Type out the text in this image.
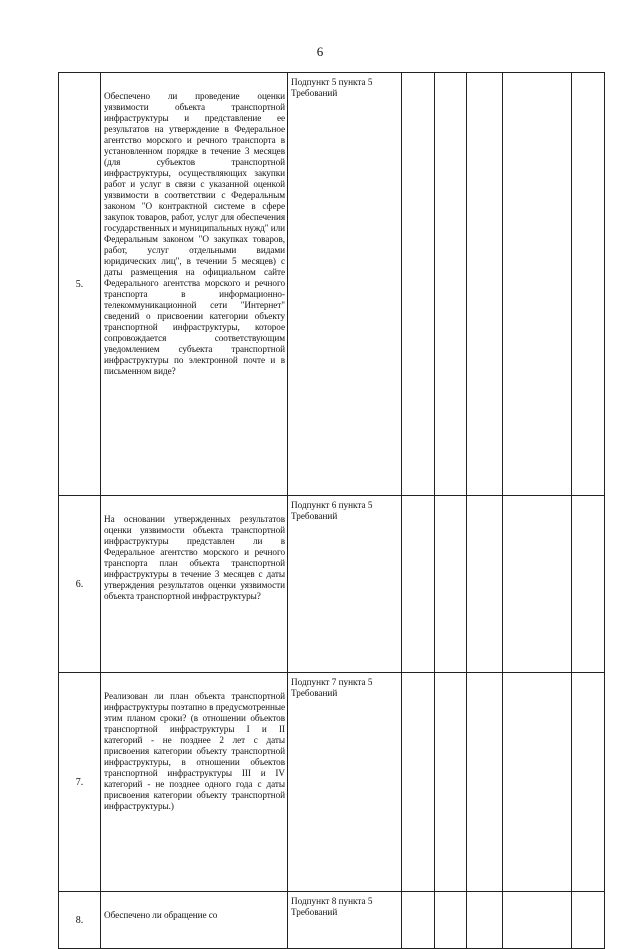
6
5.	Обеспечено ли проведение оценки уязвимости объекта транспортной инфраструктуры и представление ее результатов на утверждение в Федеральное агентство морского и речного транспорта в установленном порядке в течение 3 месяцев (для субъектов транспортной инфраструктуры, осуществляющих закупки работ и услуг в связи с указанной оценкой уязвимости в соответствии с Федеральным законом "О контрактной системе в сфере закупок товаров, работ, услуг для обеспечения государственных и муниципальных нужд" или Федеральным законом "О закупках товаров, работ, услуг отдельными видами юридических лиц", в течении 5 месяцев) с даты размещения на официальном сайте Федерального агентства морского и речного транспорта в информационно-телекоммуникационной сети "Интернет" сведений о присвоении категории объекту транспортной инфраструктуры, которое сопровождается соответствующим уведомлением субъекта транспортной инфраструктуры по электронной почте и в письменном виде?	Подпункт 5 пункта 5
Требований					

6.	На основании утвержденных результатов оценки уязвимости объекта транспортной инфраструктуры представлен ли в Федеральное агентство морского и речного транспорта план объекта транспортной инфраструктуры в течение 3 месяцев с даты утверждения результатов оценки уязвимости объекта транспортной инфраструктуры?	Подпункт 6 пункта 5
Требований					

7.	Реализован ли план объекта транспортной инфраструктуры поэтапно в предусмотренные этим планом сроки? (в отношении объектов транспортной инфраструктуры I и II категорий - не позднее 2 лет с даты присвоения категории объекту транспортной инфраструктуры, в отношении объектов транспортной инфраструктуры III и IV категорий - не позднее одного года с даты присвоения категории объекту транспортной инфраструктуры.)	Подпункт 7 пункта 5
Требований					

8.	Обеспечено ли обращение со	Подпункт 8 пункта 5
Требований					
